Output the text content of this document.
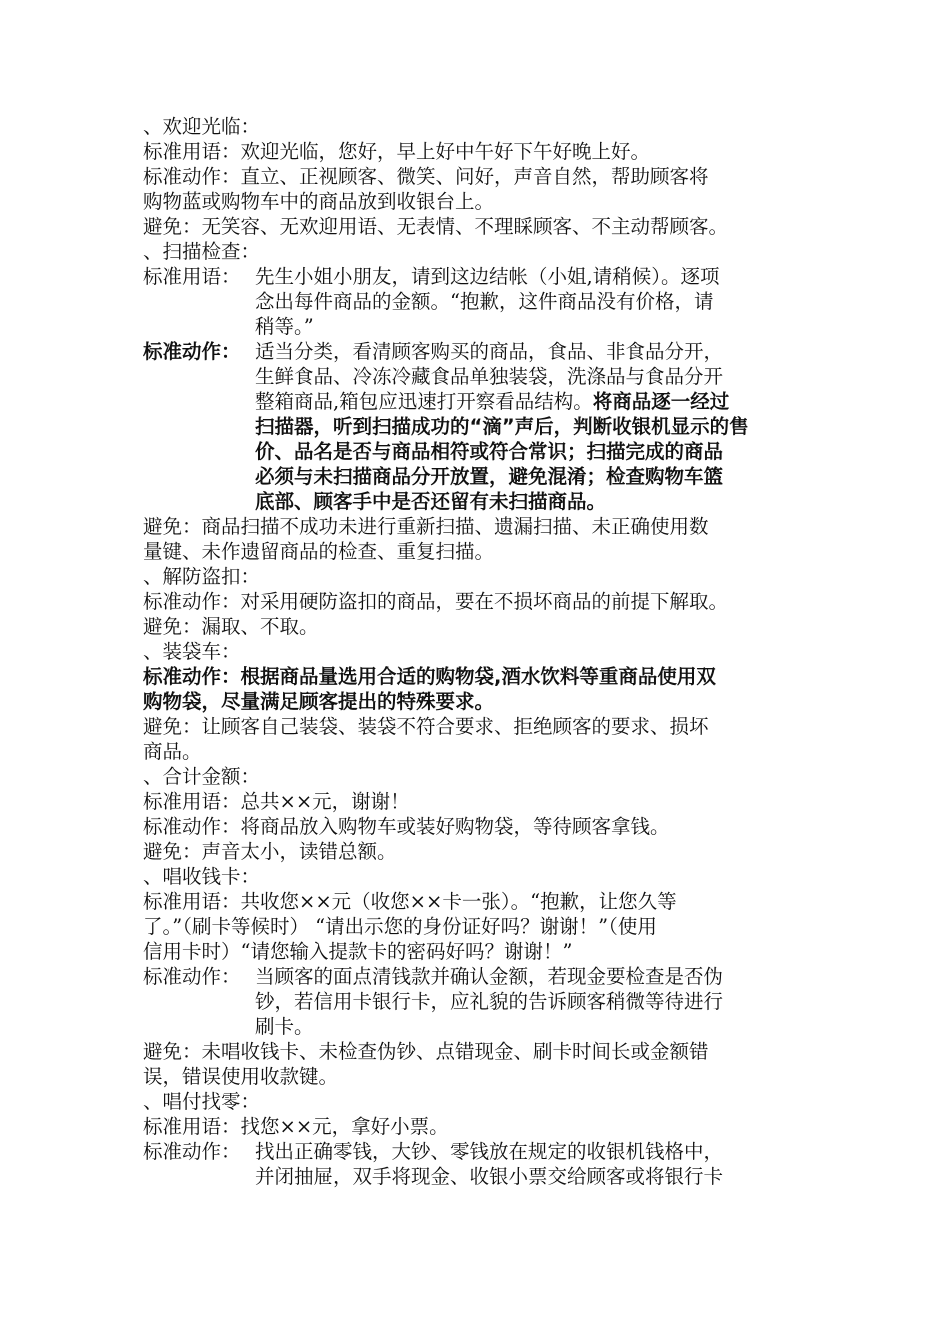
、欢迎光临：
标准用语：欢迎光临，您好，早上好中午好下午好晚上好。
标准动作：直立、正视顾客、微笑、问好，声音自然，帮助顾客将
购物蓝或购物车中的商品放到收银台上。
避免：无笑容、无欢迎用语、无表情、不理睬顾客、不主动帮顾客。
、扫描检查：
标准用语： 先生小姐小朋友，请到这边结帐（小姐,请稍候）。逐项
念出每件商品的金额。“抱歉，这件商品没有价格，请
稍等。”
标准动作： 适当分类，看清顾客购买的商品，食品、非食品分开，
生鲜食品、冷冻冷藏食品单独装袋，洗涤品与食品分开
整箱商品,箱包应迅速打开察看品结构。将商品逐一经过
扫描器，听到扫描成功的“滴”声后，判断收银机显示的售
价、品名是否与商品相符或符合常识；扫描完成的商品
必须与未扫描商品分开放置，避免混淆；检查购物车篮
底部、顾客手中是否还留有未扫描商品。
避免：商品扫描不成功未进行重新扫描、遗漏扫描、未正确使用数
量键、未作遗留商品的检查、重复扫描。
、解防盗扣：
标准动作：对采用硬防盗扣的商品，要在不损坏商品的前提下解取。
避免：漏取、不取。
、装袋车：
标准动作：根据商品量选用合适的购物袋,酒水饮料等重商品使用双
购物袋，尽量满足顾客提出的特殊要求。
避免：让顾客自己装袋、装袋不符合要求、拒绝顾客的要求、损坏
商品。
、合计金额：
标准用语：总共××元，谢谢！
标准动作：将商品放入购物车或装好购物袋，等待顾客拿钱。
避免：声音太小，读错总额。
、唱收钱卡：
标准用语：共收您××元（收您××卡一张）。“抱歉，让您久等
了。”（刷卡等候时） “请出示您的身份证好吗？谢谢！”（使用
信用卡时）“请您输入提款卡的密码好吗？谢谢！”
标准动作： 当顾客的面点清钱款并确认金额，若现金要检查是否伪
钞，若信用卡银行卡，应礼貌的告诉顾客稍微等待进行
刷卡。
避免：未唱收钱卡、未检查伪钞、点错现金、刷卡时间长或金额错
误，错误使用收款键。
、唱付找零：
标准用语：找您××元，拿好小票。
标准动作： 找出正确零钱，大钞、零钱放在规定的收银机钱格中，
并闭抽屉，双手将现金、收银小票交给顾客或将银行卡
